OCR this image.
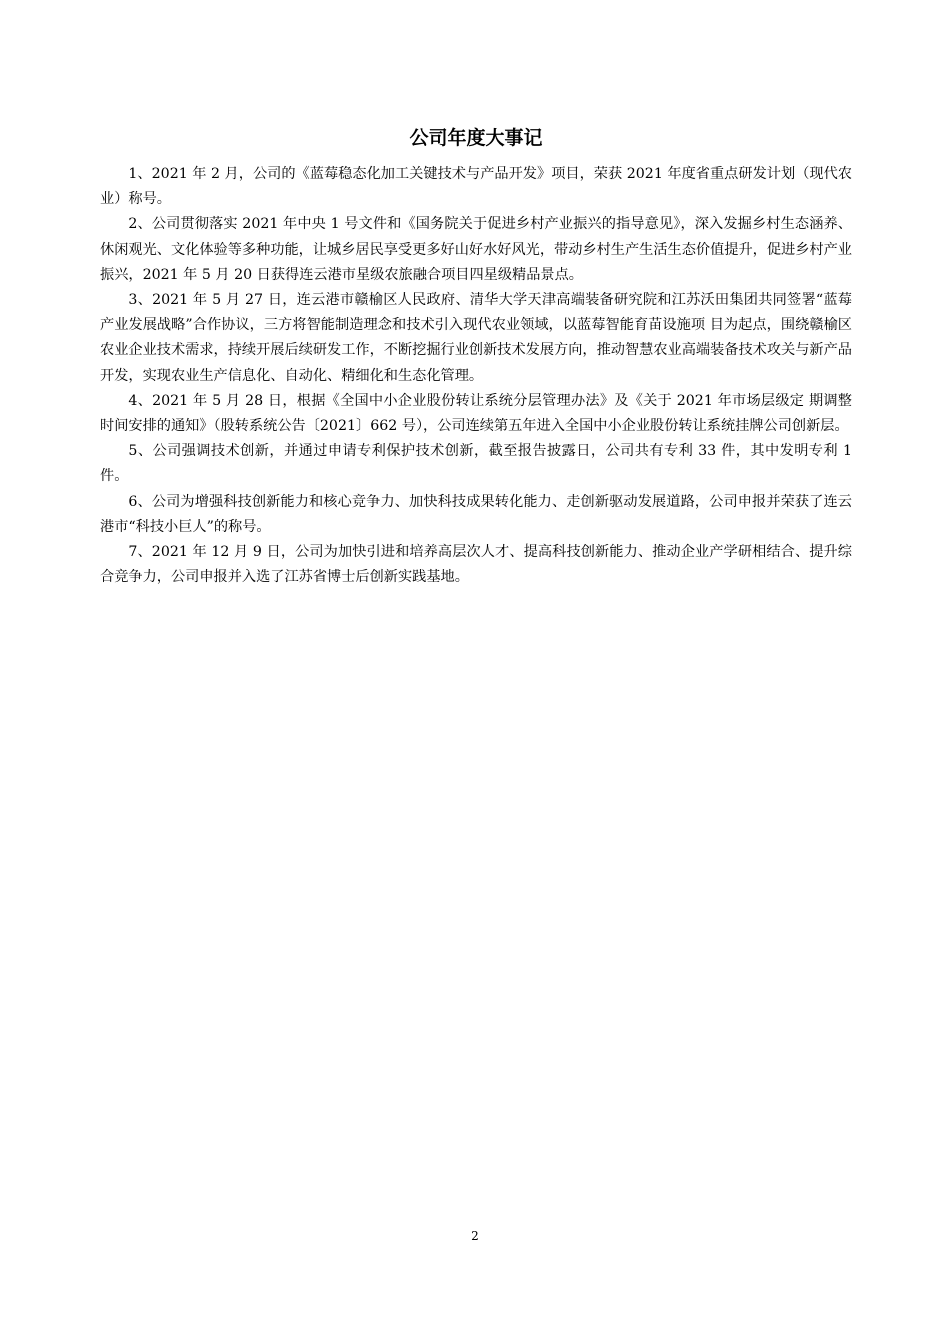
公司年度大事记

1、2021 年 2 月，公司的《蓝莓稳态化加工关键技术与产品开发》项目，荣获 2021 年度省重点研发计划（现代农业）称号。

2、公司贯彻落实 2021 年中央 1 号文件和《国务院关于促进乡村产业振兴的指导意见》，深入发掘乡村生态涵养、休闲观光、文化体验等多种功能，让城乡居民享受更多好山好水好风光，带动乡村生产生活生态价值提升，促进乡村产业振兴，2021 年 5 月 20 日获得连云港市星级农旅融合项目四星级精品景点。

3、2021 年 5 月 27 日，连云港市赣榆区人民政府、清华大学天津高端装备研究院和江苏沃田集团共同签署“蓝莓产业发展战略”合作协议，三方将智能制造理念和技术引入现代农业领域，以蓝莓智能育苗设施项 目为起点，围绕赣榆区农业企业技术需求，持续开展后续研发工作，不断挖掘行业创新技术发展方向，推动智慧农业高端装备技术攻关与新产品开发，实现农业生产信息化、自动化、精细化和生态化管理。

4、2021 年 5 月 28 日，根据《全国中小企业股份转让系统分层管理办法》及《关于 2021 年市场层级定 期调整时间安排的通知》（股转系统公告〔2021〕662 号），公司连续第五年进入全国中小企业股份转让系统挂牌公司创新层。

5、公司强调技术创新，并通过申请专利保护技术创新，截至报告披露日，公司共有专利 33 件，其中发明专利 1 件。

6、公司为增强科技创新能力和核心竞争力、加快科技成果转化能力、走创新驱动发展道路，公司申报并荣获了连云港市“科技小巨人”的称号。

7、2021 年 12 月 9 日，公司为加快引进和培养高层次人才、提高科技创新能力、推动企业产学研相结合、提升综合竞争力，公司申报并入选了江苏省博士后创新实践基地。

2
